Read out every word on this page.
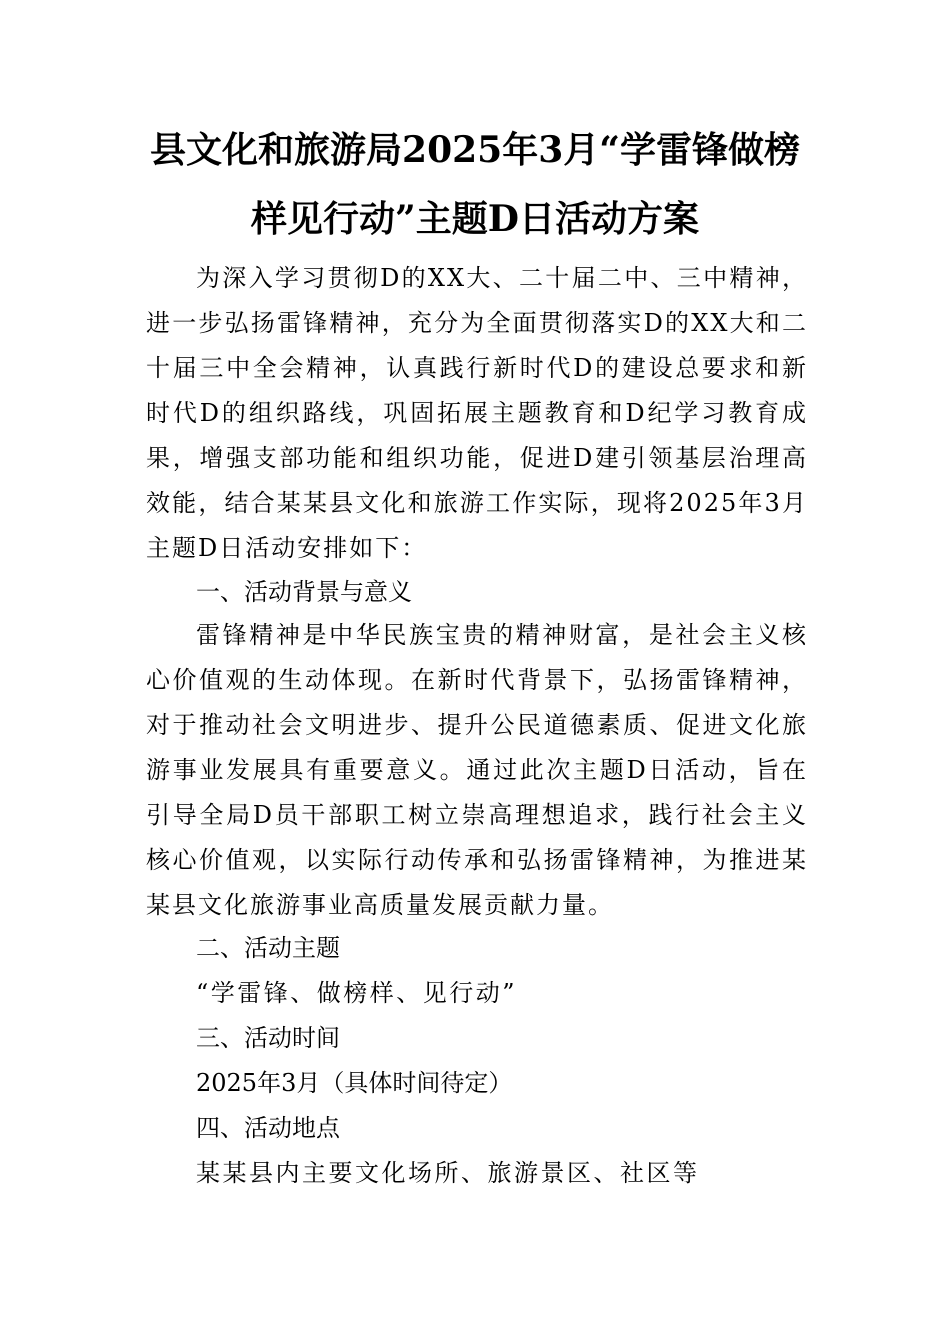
县文化和旅游局2025年3月“学雷锋做榜
样见行动”主题D日活动方案

为深入学习贯彻D的XX大、二十届二中、三中精神，进一步弘扬雷锋精神，充分为全面贯彻落实D的XX大和二十届三中全会精神，认真践行新时代D的建设总要求和新时代D的组织路线，巩固拓展主题教育和D纪学习教育成果，增强支部功能和组织功能，促进D建引领基层治理高效能，结合某某县文化和旅游工作实际，现将2025年3月主题D日活动安排如下：

一、活动背景与意义

雷锋精神是中华民族宝贵的精神财富，是社会主义核心价值观的生动体现。在新时代背景下，弘扬雷锋精神，对于推动社会文明进步、提升公民道德素质、促进文化旅游事业发展具有重要意义。通过此次主题D日活动，旨在引导全局D员干部职工树立崇高理想追求，践行社会主义核心价值观，以实际行动传承和弘扬雷锋精神，为推进某某县文化旅游事业高质量发展贡献力量。

二、活动主题
“学雷锋、做榜样、见行动”
三、活动时间
2025年3月（具体时间待定）
四、活动地点
某某县内主要文化场所、旅游景区、社区等
